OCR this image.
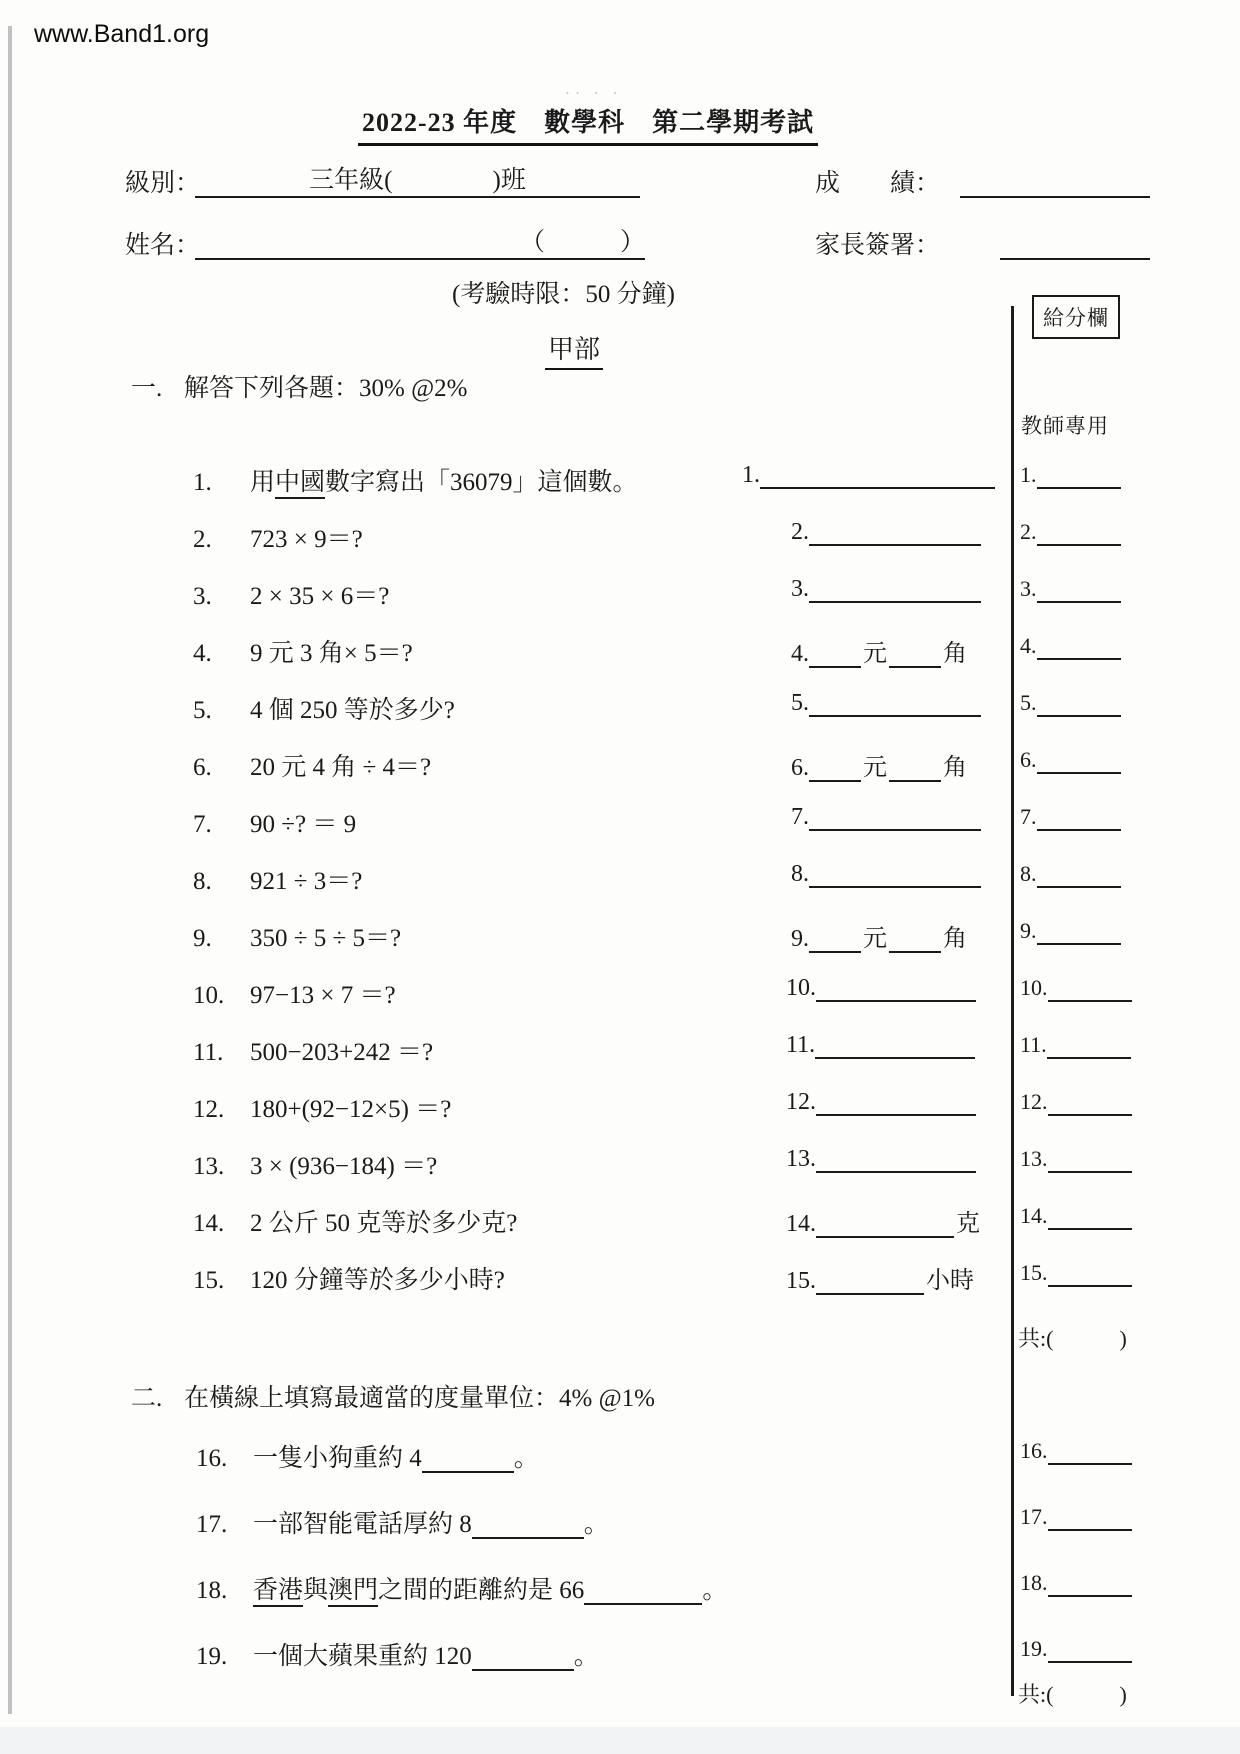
www.Band1.org
·· · ·
2022-23 年度　數學科　第二學期考試
級別：	三年級(　　　　)班	成　　績：
姓名：	（　　　）	家長簽署：
(考驗時限：50 分鐘)
給分欄
甲部
教師專用
一. 解答下列各題：30% @2%
1. 用中國數字寫出「36079」這個數。
2. 723 × 9＝?
3. 2 × 35 × 6＝?
4. 9 元 3 角× 5＝?
5. 4 個 250 等於多少?
6. 20 元 4 角 ÷ 4＝?
7. 90 ÷? ＝ 9
8. 921 ÷ 3＝?
9. 350 ÷ 5 ÷ 5＝?
10. 97−13 × 7 ＝?
11. 500−203+242 ＝?
12. 180+(92−12×5) ＝?
13. 3 × (936−184) ＝?
14. 2 公斤 50 克等於多少克?
15. 120 分鐘等於多少小時?
1.
2.
3.
4. 元 角
5.
6. 元 角
7.
8.
9. 元 角
10.
11.
12.
13.
14.	克
15.	小時
1.
2.
3.
4.
5.
6.
7.
8.
9.
10.
11.
12.
13.
14.
15.
共:(　　　)
二. 在橫線上填寫最適當的度量單位：4% @1%
16. 一隻小狗重約 4	。
17. 一部智能電話厚約 8	。
18. 香港與澳門之間的距離約是 66	。
19. 一個大蘋果重約 120	。
16.
17.
18.
19.
共:(　　　)
